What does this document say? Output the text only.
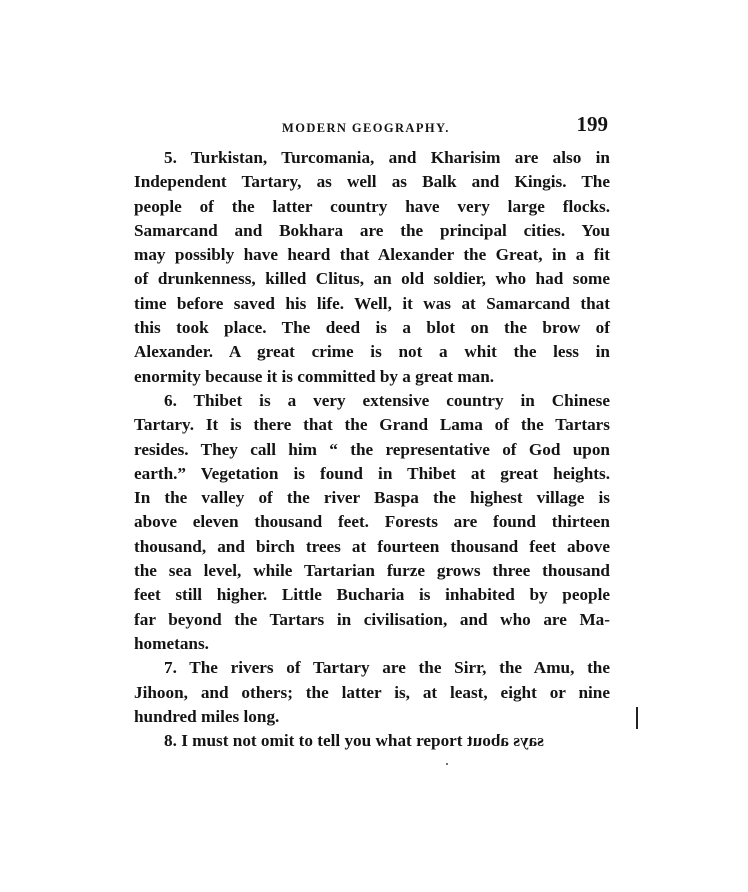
MODERN GEOGRAPHY.	199
5. Turkistan, Turcomania, and Kharisim are also in
Independent Tartary, as well as Balk and Kingis. The
people of the latter country have very large flocks.
Samarcand and Bokhara are the principal cities. You
may possibly have heard that Alexander the Great, in a fit
of drunkenness, killed Clitus, an old soldier, who had some
time before saved his life. Well, it was at Samarcand that
this took place. The deed is a blot on the brow of
Alexander. A great crime is not a whit the less in
enormity because it is committed by a great man.
6. Thibet is a very extensive country in Chinese
Tartary. It is there that the Grand Lama of the Tartars
resides. They call him “ the representative of God upon
earth.” Vegetation is found in Thibet at great heights.
In the valley of the river Baspa the highest village is
above eleven thousand feet. Forests are found thirteen
thousand, and birch trees at fourteen thousand feet above
the sea level, while Tartarian furze grows three thousand
feet still higher. Little Bucharia is inhabited by people
far beyond the Tartars in civilisation, and who are Ma-
hometans.
7. The rivers of Tartary are the Sirr, the Amu, the
Jihoon, and others; the latter is, at least, eight or nine
hundred miles long.
8. I must not omit to tell you what report says about
